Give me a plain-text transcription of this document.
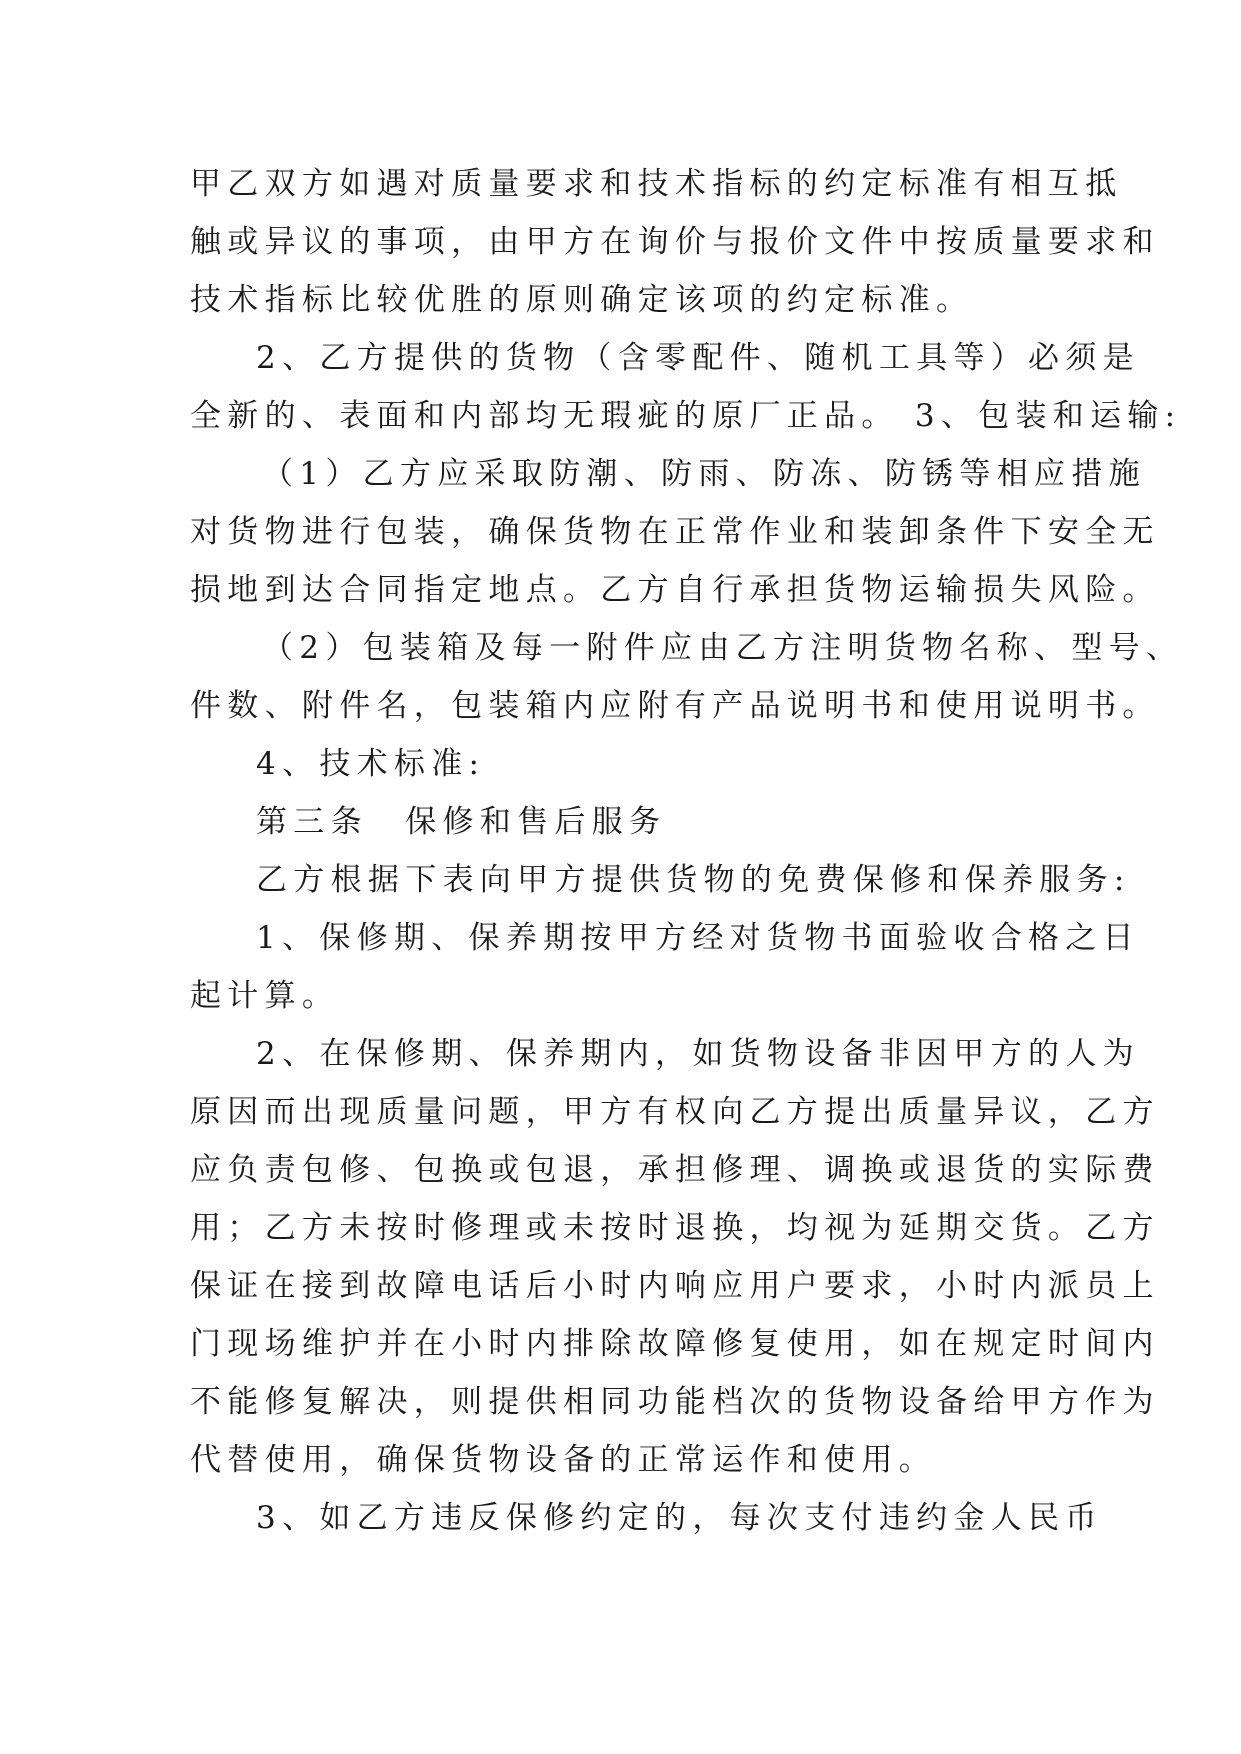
甲乙双方如遇对质量要求和技术指标的约定标准有相互抵
触或异议的事项，由甲方在询价与报价文件中按质量要求和
技术指标比较优胜的原则确定该项的约定标准。
2、乙方提供的货物（含零配件、随机工具等）必须是
全新的、表面和内部均无瑕疵的原厂正品。 3、包装和运输:
（1）乙方应采取防潮、防雨、防冻、防锈等相应措施
对货物进行包装，确保货物在正常作业和装卸条件下安全无
损地到达合同指定地点。乙方自行承担货物运输损失风险。
（2）包装箱及每一附件应由乙方注明货物名称、型号、
件数、附件名，包装箱内应附有产品说明书和使用说明书。
4、技术标准:
第三条　保修和售后服务
乙方根据下表向甲方提供货物的免费保修和保养服务:
1、保修期、保养期按甲方经对货物书面验收合格之日
起计算。
2、在保修期、保养期内，如货物设备非因甲方的人为
原因而出现质量问题，甲方有权向乙方提出质量异议，乙方
应负责包修、包换或包退，承担修理、调换或退货的实际费
用；乙方未按时修理或未按时退换，均视为延期交货。乙方
保证在接到故障电话后小时内响应用户要求，小时内派员上
门现场维护并在小时内排除故障修复使用，如在规定时间内
不能修复解决，则提供相同功能档次的货物设备给甲方作为
代替使用，确保货物设备的正常运作和使用。
3、如乙方违反保修约定的，每次支付违约金人民币
